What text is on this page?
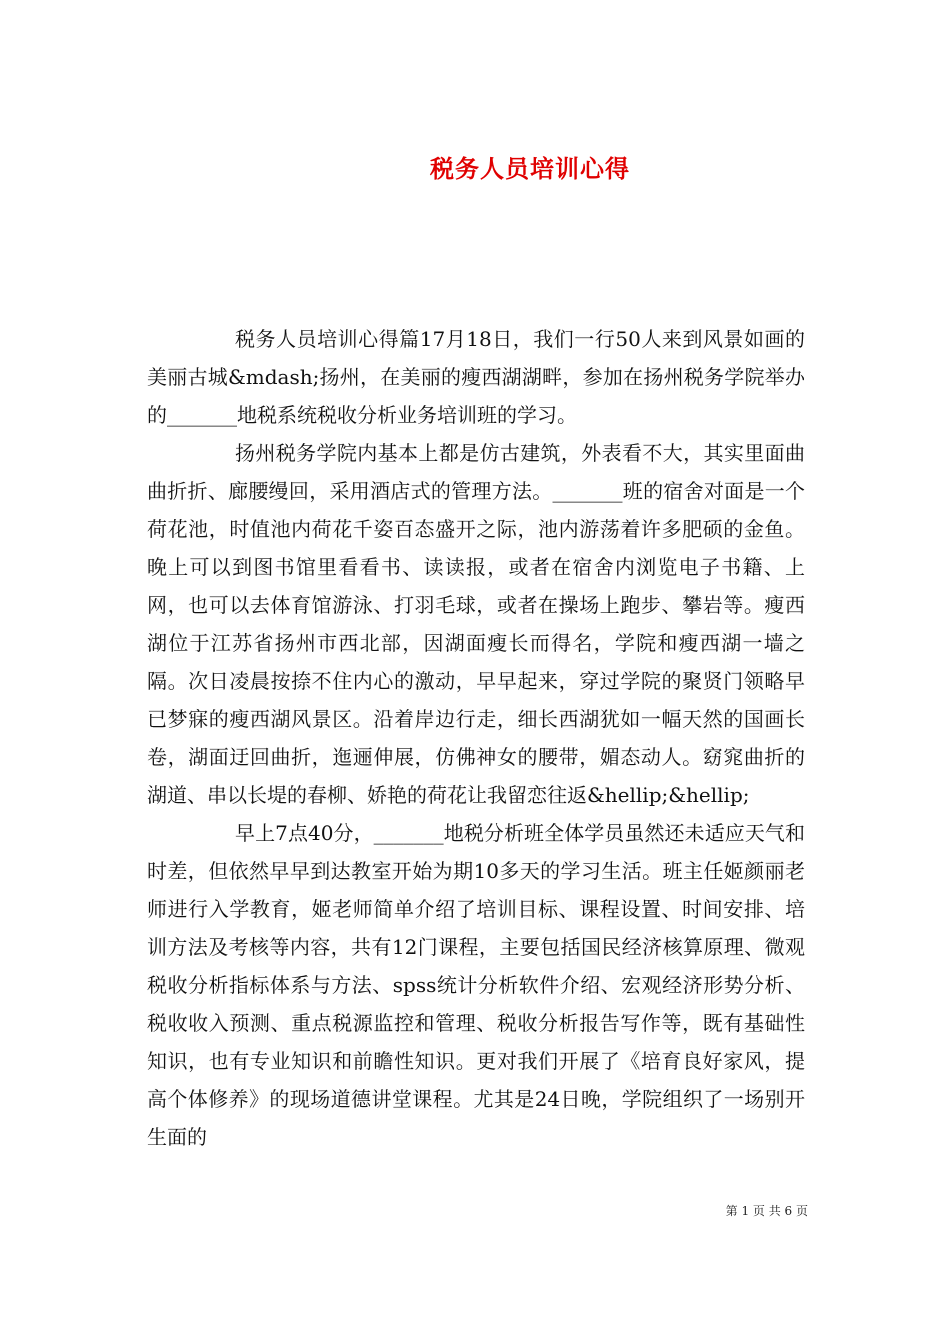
税务人员培训心得

税务人员培训心得篇17月18日，我们一行50人来到风景如画的美丽古城&mdash;扬州，在美丽的瘦西湖湖畔，参加在扬州税务学院举办的_______地税系统税收分析业务培训班的学习。

扬州税务学院内基本上都是仿古建筑，外表看不大，其实里面曲曲折折、廊腰缦回，采用酒店式的管理方法。_______班的宿舍对面是一个荷花池，时值池内荷花千姿百态盛开之际，池内游荡着许多肥硕的金鱼。晚上可以到图书馆里看看书、读读报，或者在宿舍内浏览电子书籍、上网，也可以去体育馆游泳、打羽毛球，或者在操场上跑步、攀岩等。瘦西湖位于江苏省扬州市西北部，因湖面瘦长而得名，学院和瘦西湖一墙之隔。次日凌晨按捺不住内心的激动，早早起来，穿过学院的聚贤门领略早已梦寐的瘦西湖风景区。沿着岸边行走，细长西湖犹如一幅天然的国画长卷，湖面迂回曲折，迤逦伸展，仿佛神女的腰带，媚态动人。窈窕曲折的湖道、串以长堤的春柳、娇艳的荷花让我留恋往返&hellip;&hellip;

早上7点40分，_______地税分析班全体学员虽然还未适应天气和时差，但依然早早到达教室开始为期10多天的学习生活。班主任姬颜丽老师进行入学教育，姬老师简单介绍了培训目标、课程设置、时间安排、培训方法及考核等内容，共有12门课程，主要包括国民经济核算原理、微观税收分析指标体系与方法、spss统计分析软件介绍、宏观经济形势分析、税收收入预测、重点税源监控和管理、税收分析报告写作等，既有基础性知识，也有专业知识和前瞻性知识。更对我们开展了《培育良好家风，提高个体修养》的现场道德讲堂课程。尤其是24日晚，学院组织了一场别开生面的

第 1 页 共 6 页
